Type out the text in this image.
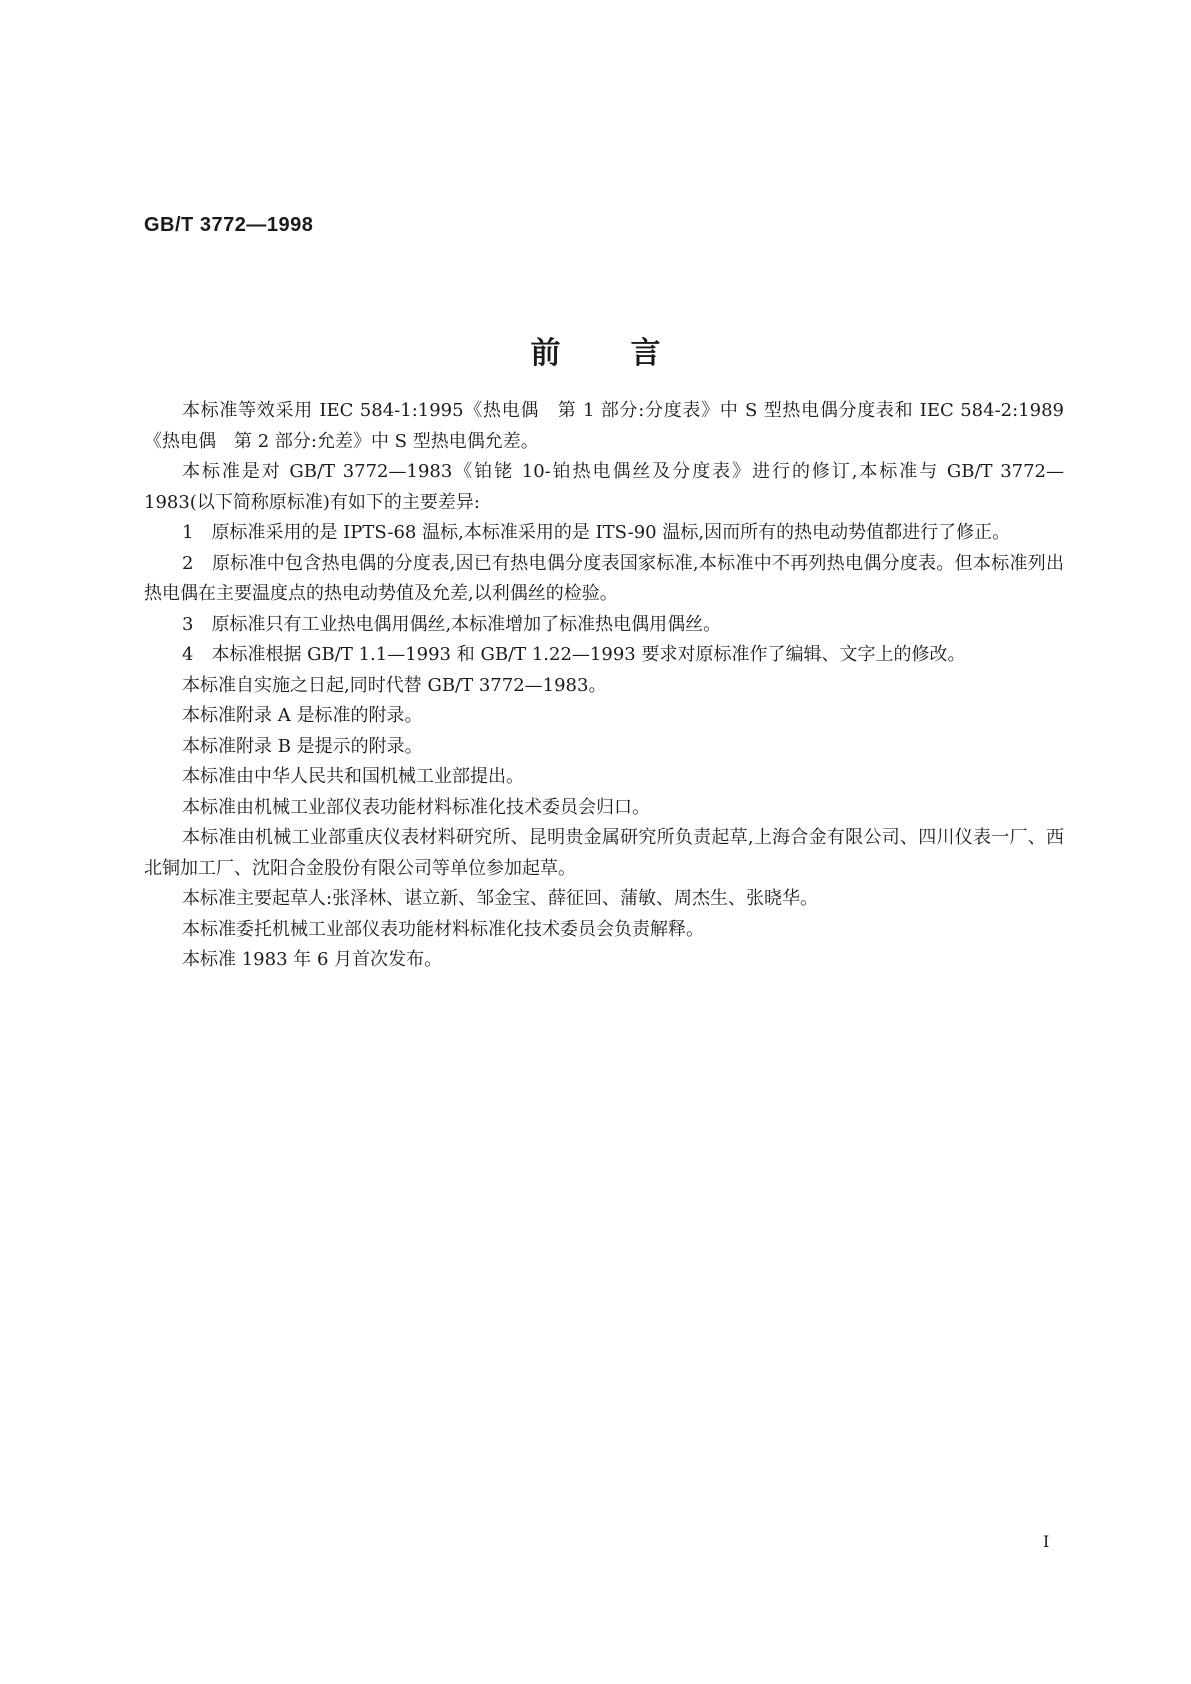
GB/T 3772—1998
前言

本标准等效采用 IEC 584-1:1995《热电偶　第 1 部分:分度表》中 S 型热电偶分度表和 IEC 584-2:1989《热电偶　第 2 部分:允差》中 S 型热电偶允差。

本标准是对 GB/T 3772—1983《铂铑 10-铂热电偶丝及分度表》进行的修订,本标准与 GB/T 3772—1983(以下简称原标准)有如下的主要差异:

1　原标准采用的是 IPTS-68 温标,本标准采用的是 ITS-90 温标,因而所有的热电动势值都进行了修正。

2　原标准中包含热电偶的分度表,因已有热电偶分度表国家标准,本标准中不再列热电偶分度表。但本标准列出热电偶在主要温度点的热电动势值及允差,以利偶丝的检验。

3　原标准只有工业热电偶用偶丝,本标准增加了标准热电偶用偶丝。

4　本标准根据 GB/T 1.1—1993 和 GB/T 1.22—1993 要求对原标准作了编辑、文字上的修改。

本标准自实施之日起,同时代替 GB/T 3772—1983。

本标准附录 A 是标准的附录。

本标准附录 B 是提示的附录。

本标准由中华人民共和国机械工业部提出。

本标准由机械工业部仪表功能材料标准化技术委员会归口。

本标准由机械工业部重庆仪表材料研究所、昆明贵金属研究所负责起草,上海合金有限公司、四川仪表一厂、西北铜加工厂、沈阳合金股份有限公司等单位参加起草。

本标准主要起草人:张泽林、谌立新、邹金宝、薛征回、蒲敏、周杰生、张晓华。

本标准委托机械工业部仪表功能材料标准化技术委员会负责解释。

本标准 1983 年 6 月首次发布。

I
